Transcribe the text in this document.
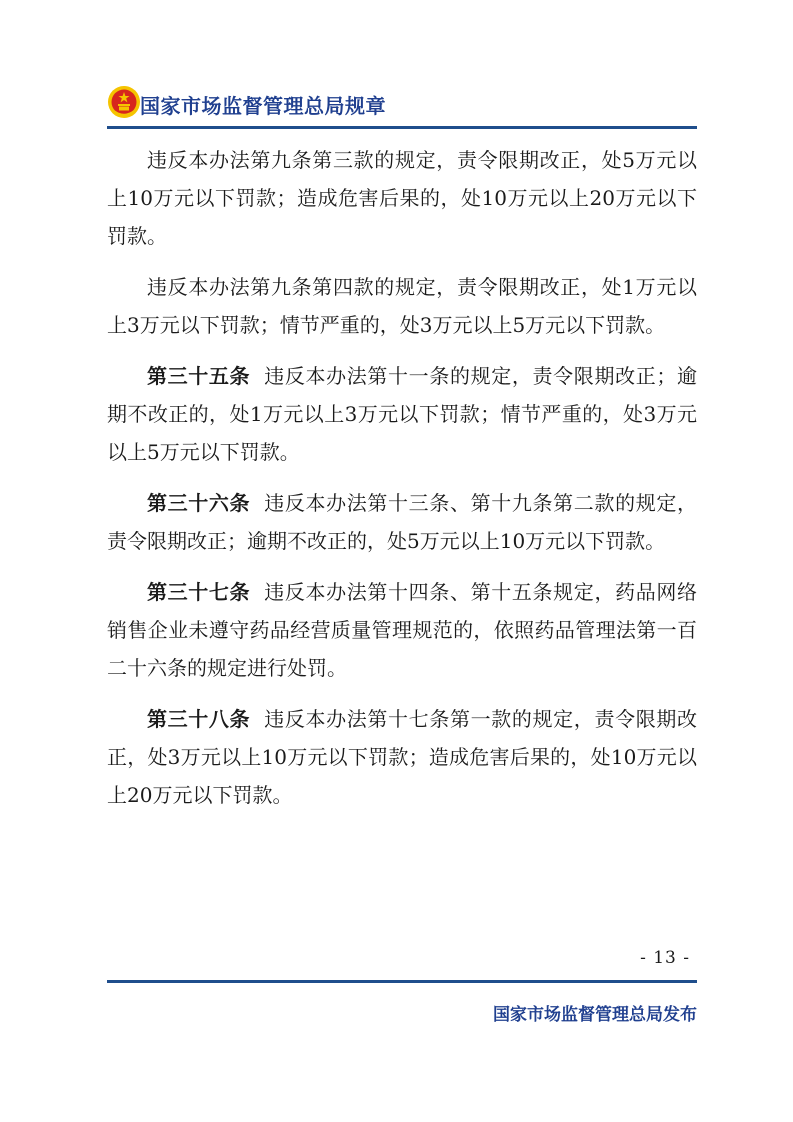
国家市场监督管理总局规章

违反本办法第九条第三款的规定，责令限期改正，处5万元以上10万元以下罚款；造成危害后果的，处10万元以上20万元以下罚款。

违反本办法第九条第四款的规定，责令限期改正，处1万元以上3万元以下罚款；情节严重的，处3万元以上5万元以下罚款。

第三十五条 违反本办法第十一条的规定，责令限期改正；逾期不改正的，处1万元以上3万元以下罚款；情节严重的，处3万元以上5万元以下罚款。

第三十六条 违反本办法第十三条、第十九条第二款的规定，责令限期改正；逾期不改正的，处5万元以上10万元以下罚款。

第三十七条 违反本办法第十四条、第十五条规定，药品网络销售企业未遵守药品经营质量管理规范的，依照药品管理法第一百二十六条的规定进行处罚。

第三十八条 违反本办法第十七条第一款的规定，责令限期改正，处3万元以上10万元以下罚款；造成危害后果的，处10万元以上20万元以下罚款。

- 13 -
国家市场监督管理总局发布
